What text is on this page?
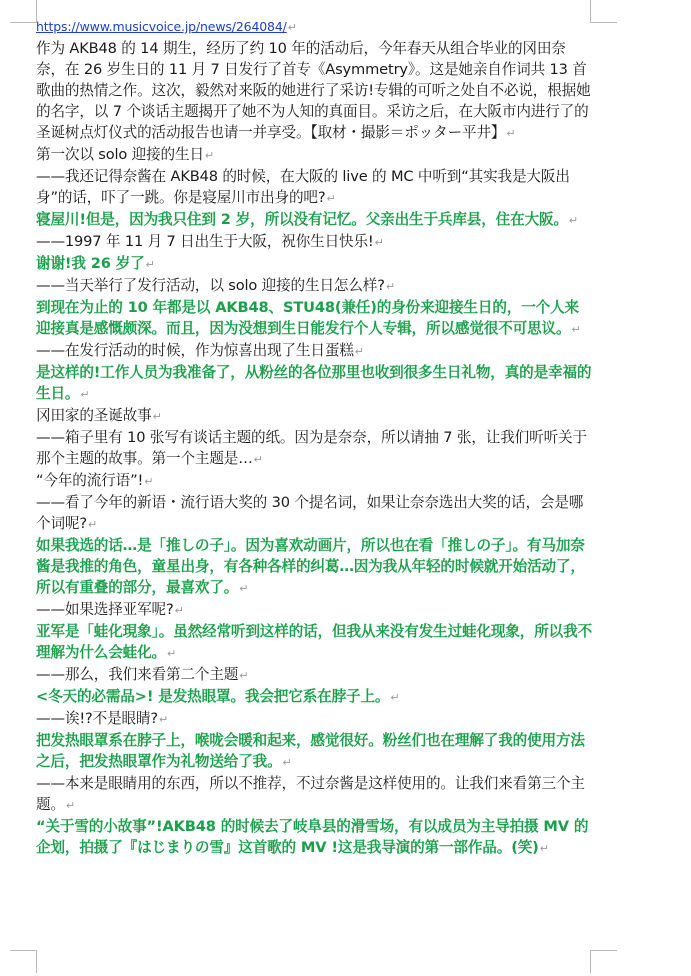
https://www.musicvoice.jp/news/264084/↵
作为 AKB48 的 14 期生，经历了约 10 年的活动后，今年春天从组合毕业的冈田奈奈，在 26 岁生日的 11 月 7 日发行了首专《Asymmetry》。这是她亲自作词共 13 首歌曲的热情之作。这次，毅然对来阪的她进行了采访!专辑的可听之处自不必说，根据她的名字，以 7 个谈话主题揭开了她不为人知的真面目。采访之后，在大阪市内进行了的圣诞树点灯仪式的活动报告也请一并享受。【取材・撮影＝ポッター平井】↵
第一次以 solo 迎接的生日↵
——我还记得奈酱在 AKB48 的时候，在大阪的 live 的 MC 中听到“其实我是大阪出身”的话，吓了一跳。你是寝屋川市出身的吧?↵
寝屋川!但是，因为我只住到 2 岁，所以没有记忆。父亲出生于兵库县，住在大阪。↵
——1997 年 11 月 7 日出生于大阪，祝你生日快乐!↵
谢谢!我 26 岁了↵
——当天举行了发行活动，以 solo 迎接的生日怎么样?↵
到现在为止的 10 年都是以 AKB48、STU48(兼任)的身份来迎接生日的，一个人来迎接真是感慨颇深。而且，因为没想到生日能发行个人专辑，所以感觉很不可思议。↵
——在发行活动的时候，作为惊喜出现了生日蛋糕↵
是这样的!工作人员为我准备了，从粉丝的各位那里也收到很多生日礼物，真的是幸福的生日。↵
冈田家的圣诞故事↵
——箱子里有 10 张写有谈话主题的纸。因为是奈奈，所以请抽 7 张，让我们听听关于那个主题的故事。第一个主题是…↵
“今年的流行语”!↵
——看了今年的新语・流行语大奖的 30 个提名词，如果让奈奈选出大奖的话，会是哪个词呢?↵
如果我选的话…是「推しの子」。因为喜欢动画片，所以也在看「推しの子」。有马加奈酱是我推的角色，童星出身，有各种各样的纠葛…因为我从年轻的时候就开始活动了，所以有重叠的部分，最喜欢了。↵
——如果选择亚军呢?↵
亚军是「蛙化現象」。虽然经常听到这样的话，但我从来没有发生过蛙化现象，所以我不理解为什么会蛙化。↵
——那么，我们来看第二个主题↵
<冬天的必需品>! 是发热眼罩。我会把它系在脖子上。↵
——诶!?不是眼睛?↵
把发热眼罩系在脖子上，喉咙会暖和起来，感觉很好。粉丝们也在理解了我的使用方法之后，把发热眼罩作为礼物送给了我。↵
——本来是眼睛用的东西，所以不推荐，不过奈酱是这样使用的。让我们来看第三个主题。↵
“关于雪的小故事”!AKB48 的时候去了岐阜县的滑雪场，有以成员为主导拍摄 MV 的企划，拍摄了『はじまりの雪』这首歌的 MV !这是我导演的第一部作品。(笑)↵
